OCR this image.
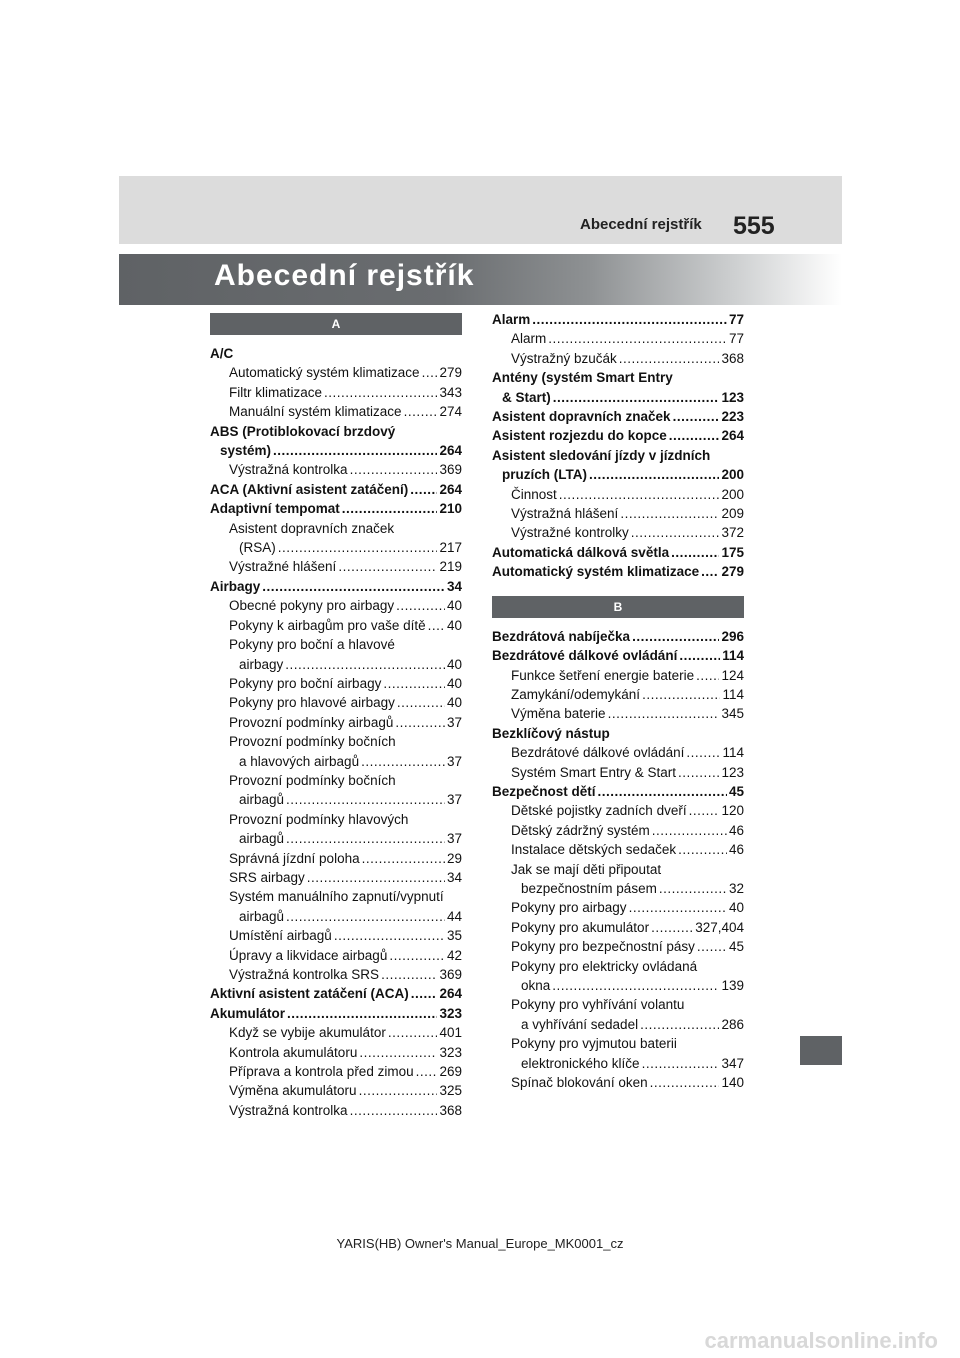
Abecední rejstřík 555
Abecední rejstřík
A
A/C
Automatický systém klimatizace ..... 279
Filtr klimatizace .....	343
Manuální systém klimatizace .....	274
ABS (Protiblokovací brzdový
systém) .....	264
Výstražná kontrolka .....	369
ACA (Aktivní asistent zatáčení) ..... 264
Adaptivní tempomat .....	210
Asistent dopravních značek
(RSA) .....	217
Výstražné hlášení .....	219
Airbagy .....	34
Obecné pokyny pro airbagy .....	40
Pokyny k airbagům pro vaše dítě ..... 40
Pokyny pro boční a hlavové
airbagy .....	40
Pokyny pro boční airbagy .....	40
Pokyny pro hlavové airbagy .....	40
Provozní podmínky airbagů .....	37
Provozní podmínky bočních
a hlavových airbagů .....	37
Provozní podmínky bočních
airbagů .....	37
Provozní podmínky hlavových
airbagů .....	37
Správná jízdní poloha .....	29
SRS airbagy .....	34
Systém manuálního zapnutí/vypnutí
airbagů .....	44
Umístění airbagů .....	35
Úpravy a likvidace airbagů .....	42
Výstražná kontrolka SRS .....	369
Aktivní asistent zatáčení (ACA) ..... 264
Akumulátor .....	323
Když se vybije akumulátor .....	401
Kontrola akumulátoru .....	323
Příprava a kontrola před zimou ..... 269
Výměna akumulátoru .....	325
Výstražná kontrolka .....	368
Alarm .....	77
Alarm .....	77
Výstražný bzučák .....	368
Antény (systém Smart Entry
& Start) .....	123
Asistent dopravních značek .....	223
Asistent rozjezdu do kopce .....	264
Asistent sledování jízdy v jízdních
pruzích (LTA) .....	200
Činnost .....	200
Výstražná hlášení .....	209
Výstražné kontrolky .....	372
Automatická dálková světla .....	175
Automatický systém klimatizace ..... 279
B
Bezdrátová nabíječka .....	296
Bezdrátové dálkové ovládání .....	114
Funkce šetření energie baterie ..... 124
Zamykání/odemykání .....	114
Výměna baterie .....	345
Bezklíčový nástup
Bezdrátové dálkové ovládání .....	114
Systém Smart Entry & Start .....	123
Bezpečnost dětí .....	45
Dětské pojistky zadních dveří .....	120
Dětský zádržný systém .....	46
Instalace dětských sedaček .....	46
Jak se mají děti připoutat
bezpečnostním pásem .....	32
Pokyny pro airbagy .....	40
Pokyny pro akumulátor .....	327,404
Pokyny pro bezpečnostní pásy .....	45
Pokyny pro elektricky ovládaná
okna .....	139
Pokyny pro vyhřívání volantu
a vyhřívání sedadel .....	286
Pokyny pro vyjmutou baterii
elektronického klíče .....	347
Spínač blokování oken .....	140
YARIS(HB) Owner's Manual_Europe_MK0001_cz
carmanualsonline.info
